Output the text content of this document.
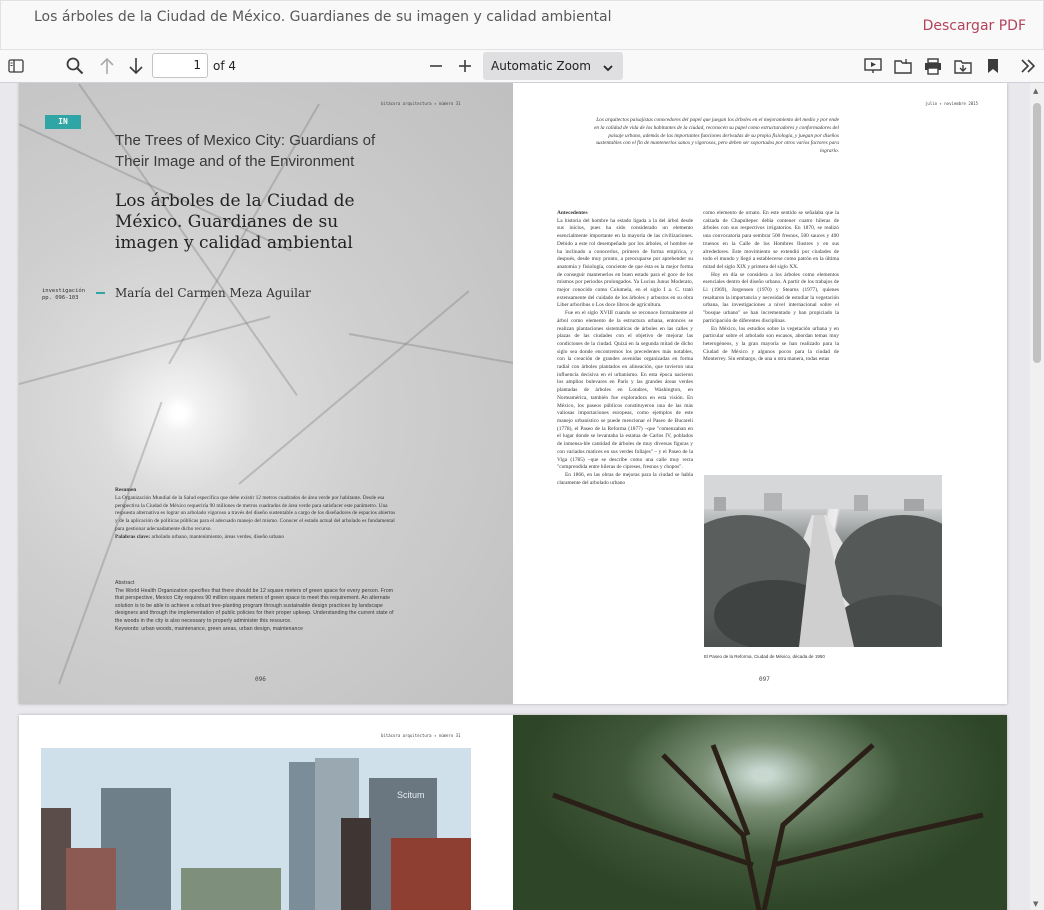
Los árboles de la Ciudad de México. Guardianes de su imagen y calidad ambiental
Descargar PDF
1	of 4	Automatic Zoom
bitácora arquitectura ✦ número 31
IN
The Trees of Mexico City: Guardians of Their Image and of the Environment
Los árboles de la Ciudad de México. Guardianes de su imagen y calidad ambiental
investigación
pp. 096-103	María del Carmen Meza Aguilar
Resumen
La Organización Mundial de la Salud especifica que debe existir 12 metros cuadrados de área verde por habitante. Desde esa perspectiva la Ciudad de México requeriría 90 millones de metros cuadrados de área verde para satisfacer este parámetro. Una respuesta alternativa es lograr un arbolado vigoroso a través del diseño sustentable a cargo de los diseñadores de espacios abiertos y de la aplicación de políticas públicas para el adecuado manejo del mismo. Conocer el estado actual del arbolado es fundamental para gestionar adecuadamente dicho recurso.
Palabras clave: arbolado urbano, mantenimiento, áreas verdes, diseño urbano
Abstract
The World Health Organization specifies that there should be 12 square meters of green space for every person. From that perspective, Mexico City requires 90 million square meters of green space to meet this requirement. An alternate solution is to be able to achieve a robust tree-planting program through sustainable design practices by landscape designers and through the implementation of public policies for their proper upkeep. Understanding the current state of the woods in the city is also necessary to properly administer this resource.
Keywords: urban woods, maintenance, green areas, urban design, maintenance
096
julio ✦ noviembre 2015
Los arquitectos paisajistas conocedores del papel que juegan los árboles en el mejoramiento del medio y por ende en la calidad de vida de los habitantes de la ciudad, reconocen su papel como estructuradores y conformadores del paisaje urbano, además de las importantes funciones derivadas de su propia fisiología, y juegan por diseños sustentables con el fin de mantenerlos sanos y vigorosos, pero deben ser soportados por otros varios factores para lograrlo.

Antecedentes

La historia del hombre ha estado ligada a la del árbol desde sus inicios, pues ha sido considerado un elemento esencialmente importante en la mayoría de las civilizaciones. Debido a este rol desempeñado por los árboles, el hombre se ha inclinado a conocerlos, primero de forma empírica, y después, desde muy pronto, a preocuparse por aprehender su anatomía y fisiología, conciente de que ésta es la mejor forma de conseguir mantenerlos en buen estado para el goce de los mismos por periodos prolongados. Ya Lucius Junus Moderato, mejor conocido como Columela, en el siglo I a. C. trató extensamente del cuidado de los árboles y arbustos en su obra Liber arboribus o Los doce libros de agricultura.

Fue en el siglo XVIII cuando se reconoce formalmente al árbol como elemento de la estructura urbana, entonces se realizan plantaciones sistemáticas de árboles en las calles y plazas de las ciudades con el objetivo de mejorar las condiciones de la ciudad. Quizá en la segunda mitad de dicho siglo sea donde encontremos los precedentes más notables, con la creación de grandes avenidas organizadas en forma radial con árboles plantados en alineación, que tuvieron una influencia decisiva en el urbanismo. En esta época nacieron los amplios bulevares en París y las grandes áreas verdes plantadas de árboles en Londres, Washington, en Norteamérica, también fue exploradora en esta visión. En México, los paseos públicos constituyeron una de las más valiosas importaciones europeas, como ejemplos de este manejo urbanístico se puede mencionar el Paseo de Bucareli (1778), el Paseo de la Reforma (1877) –que "comenzaban en el lugar donde se levantaba la estatua de Carlos IV, poblados de inmensa-ble cantidad de árboles de muy diversas figuras y con variados matices en sus verdes follajes" – y el Paseo de la Viga (1785) –que se describe como una calle muy recta "comprendida entre hileras de cipreses, fresnos y chopos".

En 1866, en las obras de mejoras para la ciudad se habla claramente del arbolado urbano

como elemento de ornato. En este sentido se señalaba que la calzada de Chapultepec debía contener cuatro hileras de árboles con sus respectivos irrigatorios. En 1870, se realizó una convocatoria para sembrar 500 fresnos, 500 sauces y 400 truenos en la Calle de los Hombres Ilustres y en sus alrededores. Este movimiento se extendió por ciudades de todo el mundo y llegó a establecerse como patrón en la última mitad del siglo XIX y primera del siglo XX.

Hoy en día se considera a los árboles como elementos esenciales dentro del diseño urbano. A partir de los trabajos de Li (1969), Jorgensen (1970) y Stearns (1977), quienes resaltaron la importancia y necesidad de estudiar la vegetación urbana, las investigaciones a nivel internacional sobre el "bosque urbano" se han incrementado y han propiciado la participación de diferentes disciplinas.

En México, los estudios sobre la vegetación urbana y en particular sobre el arbolado son escasos, abordan temas muy heterogéneos, y la gran mayoría se han realizado para la Ciudad de México y algunos pocos para la ciudad de Monterrey. Sin embargo, de una u otra manera, todas estas

El Paseo de la Reforma, Ciudad de México, década de 1950
097
bitácora arquitectura ✦ número 31
Scitum
▲
▼
